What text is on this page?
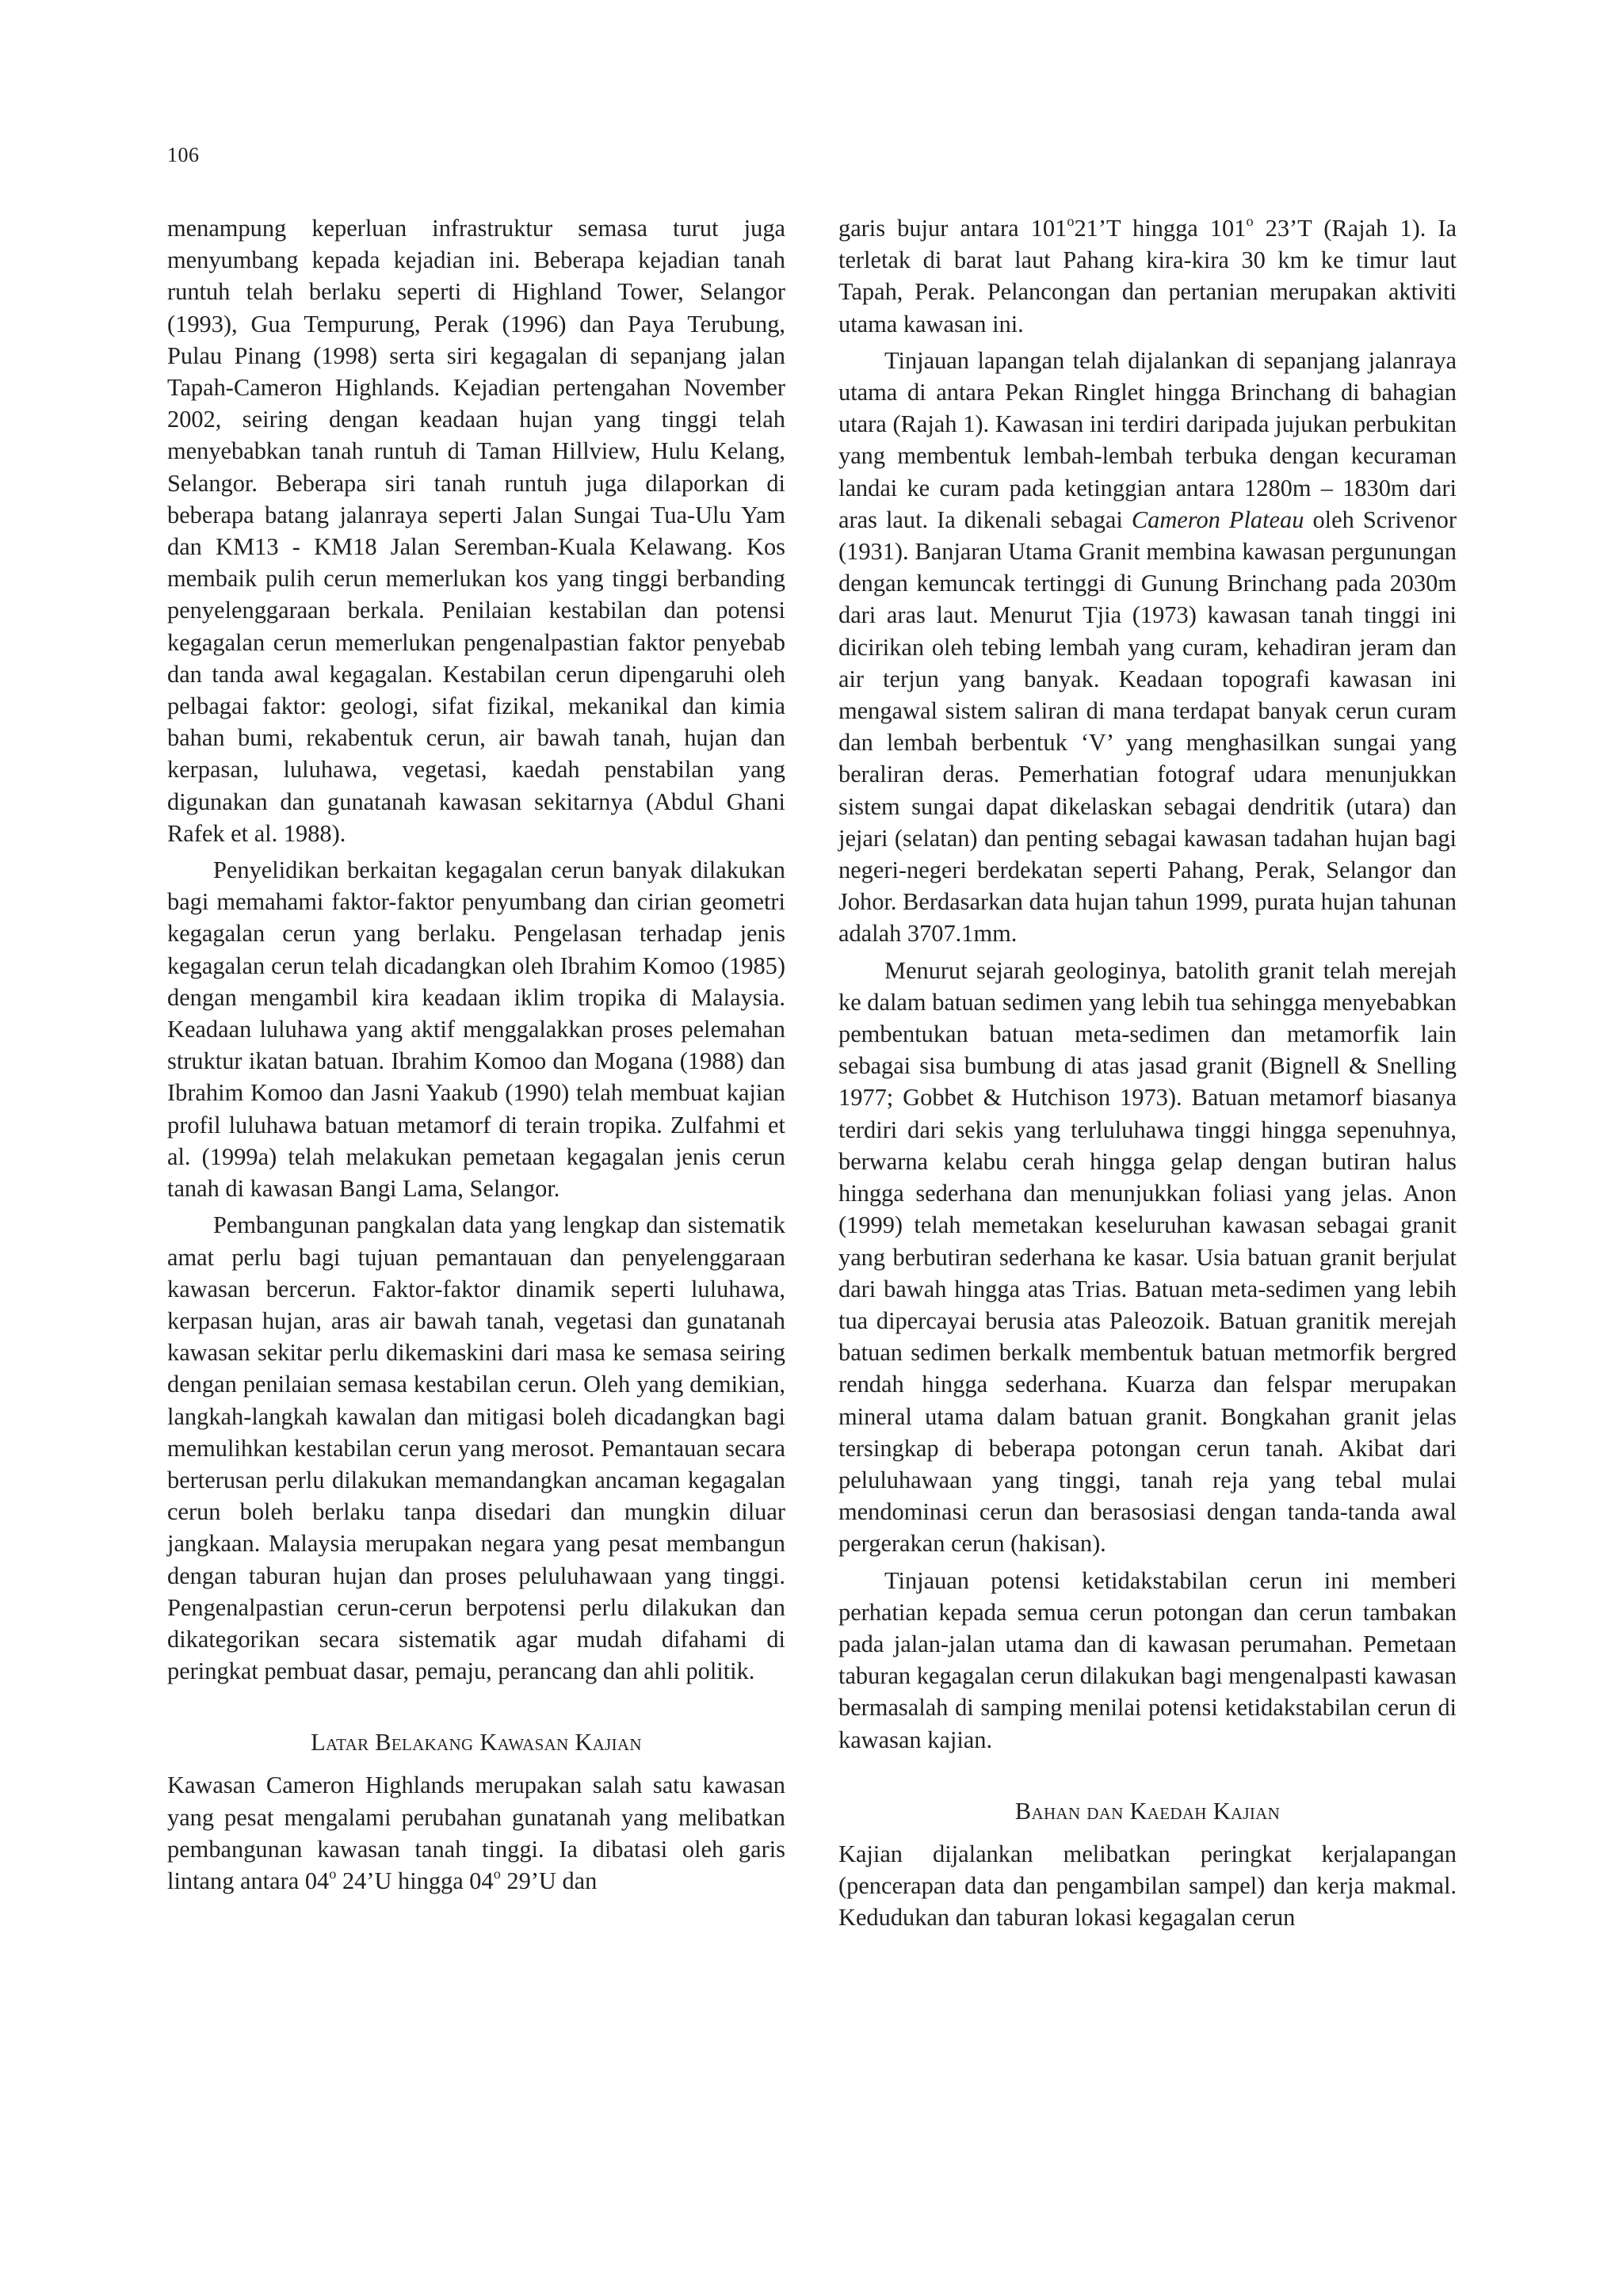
106

menampung keperluan infrastruktur semasa turut juga menyumbang kepada kejadian ini. Beberapa kejadian tanah runtuh telah berlaku seperti di Highland Tower, Selangor (1993), Gua Tempurung, Perak (1996) dan Paya Terubung, Pulau Pinang (1998) serta siri kegagalan di sepanjang jalan Tapah-Cameron Highlands. Kejadian pertengahan November 2002, seiring dengan keadaan hujan yang tinggi telah menyebabkan tanah runtuh di Taman Hillview, Hulu Kelang, Selangor. Beberapa siri tanah runtuh juga dilaporkan di beberapa batang jalanraya seperti Jalan Sungai Tua-Ulu Yam dan KM13 - KM18 Jalan Seremban-Kuala Kelawang. Kos membaik pulih cerun memerlukan kos yang tinggi berbanding penyelenggaraan berkala. Penilaian kestabilan dan potensi kegagalan cerun memerlukan pengenalpastian faktor penyebab dan tanda awal kegagalan. Kestabilan cerun dipengaruhi oleh pelbagai faktor: geologi, sifat fizikal, mekanikal dan kimia bahan bumi, rekabentuk cerun, air bawah tanah, hujan dan kerpasan, luluhawa, vegetasi, kaedah penstabilan yang digunakan dan gunatanah kawasan sekitarnya (Abdul Ghani Rafek et al. 1988).

Penyelidikan berkaitan kegagalan cerun banyak dilakukan bagi memahami faktor-faktor penyumbang dan cirian geometri kegagalan cerun yang berlaku. Pengelasan terhadap jenis kegagalan cerun telah dicadangkan oleh Ibrahim Komoo (1985) dengan mengambil kira keadaan iklim tropika di Malaysia. Keadaan luluhawa yang aktif menggalakkan proses pelemahan struktur ikatan batuan. Ibrahim Komoo dan Mogana (1988) dan Ibrahim Komoo dan Jasni Yaakub (1990) telah membuat kajian profil luluhawa batuan metamorf di terain tropika. Zulfahmi et al. (1999a) telah melakukan pemetaan kegagalan jenis cerun tanah di kawasan Bangi Lama, Selangor.

Pembangunan pangkalan data yang lengkap dan sistematik amat perlu bagi tujuan pemantauan dan penyelenggaraan kawasan bercerun. Faktor-faktor dinamik seperti luluhawa, kerpasan hujan, aras air bawah tanah, vegetasi dan gunatanah kawasan sekitar perlu dikemaskini dari masa ke semasa seiring dengan penilaian semasa kestabilan cerun. Oleh yang demikian, langkah-langkah kawalan dan mitigasi boleh dicadangkan bagi memulihkan kestabilan cerun yang merosot. Pemantauan secara berterusan perlu dilakukan memandangkan ancaman kegagalan cerun boleh berlaku tanpa disedari dan mungkin diluar jangkaan. Malaysia merupakan negara yang pesat membangun dengan taburan hujan dan proses peluluhawaan yang tinggi. Pengenalpastian cerun-cerun berpotensi perlu dilakukan dan dikategorikan secara sistematik agar mudah difahami di peringkat pembuat dasar, pemaju, perancang dan ahli politik.

Latar Belakang Kawasan Kajian

Kawasan Cameron Highlands merupakan salah satu kawasan yang pesat mengalami perubahan gunatanah yang melibatkan pembangunan kawasan tanah tinggi. Ia dibatasi oleh garis lintang antara 04$^o$ 24’U hingga 04$^o$ 29’U dan

garis bujur antara 101$^o$21’T hingga 101$^o$ 23’T (Rajah 1). Ia terletak di barat laut Pahang kira-kira 30 km ke timur laut Tapah, Perak. Pelancongan dan pertanian merupakan aktiviti utama kawasan ini.

Tinjauan lapangan telah dijalankan di sepanjang jalanraya utama di antara Pekan Ringlet hingga Brinchang di bahagian utara (Rajah 1). Kawasan ini terdiri daripada jujukan perbukitan yang membentuk lembah-lembah terbuka dengan kecuraman landai ke curam pada ketinggian antara 1280m – 1830m dari aras laut. Ia dikenali sebagai Cameron Plateau oleh Scrivenor (1931). Banjaran Utama Granit membina kawasan pergunungan dengan kemuncak tertinggi di Gunung Brinchang pada 2030m dari aras laut. Menurut Tjia (1973) kawasan tanah tinggi ini dicirikan oleh tebing lembah yang curam, kehadiran jeram dan air terjun yang banyak. Keadaan topografi kawasan ini mengawal sistem saliran di mana terdapat banyak cerun curam dan lembah berbentuk ‘V’ yang menghasilkan sungai yang beraliran deras. Pemerhatian fotograf udara menunjukkan sistem sungai dapat dikelaskan sebagai dendritik (utara) dan jejari (selatan) dan penting sebagai kawasan tadahan hujan bagi negeri-negeri berdekatan seperti Pahang, Perak, Selangor dan Johor. Berdasarkan data hujan tahun 1999, purata hujan tahunan adalah 3707.1mm.

Menurut sejarah geologinya, batolith granit telah merejah ke dalam batuan sedimen yang lebih tua sehingga menyebabkan pembentukan batuan meta-sedimen dan metamorfik lain sebagai sisa bumbung di atas jasad granit (Bignell & Snelling 1977; Gobbet & Hutchison 1973). Batuan metamorf biasanya terdiri dari sekis yang terluluhawa tinggi hingga sepenuhnya, berwarna kelabu cerah hingga gelap dengan butiran halus hingga sederhana dan menunjukkan foliasi yang jelas. Anon (1999) telah memetakan keseluruhan kawasan sebagai granit yang berbutiran sederhana ke kasar. Usia batuan granit berjulat dari bawah hingga atas Trias. Batuan meta-sedimen yang lebih tua dipercayai berusia atas Paleozoik. Batuan granitik merejah batuan sedimen berkalk membentuk batuan metmorfik bergred rendah hingga sederhana. Kuarza dan felspar merupakan mineral utama dalam batuan granit. Bongkahan granit jelas tersingkap di beberapa potongan cerun tanah. Akibat dari peluluhawaan yang tinggi, tanah reja yang tebal mulai mendominasi cerun dan berasosiasi dengan tanda-tanda awal pergerakan cerun (hakisan).

Tinjauan potensi ketidakstabilan cerun ini memberi perhatian kepada semua cerun potongan dan cerun tambakan pada jalan-jalan utama dan di kawasan perumahan. Pemetaan taburan kegagalan cerun dilakukan bagi mengenalpasti kawasan bermasalah di samping menilai potensi ketidakstabilan cerun di kawasan kajian.

Bahan dan Kaedah Kajian

Kajian dijalankan melibatkan peringkat kerjalapangan (pencerapan data dan pengambilan sampel) dan kerja makmal. Kedudukan dan taburan lokasi kegagalan cerun
